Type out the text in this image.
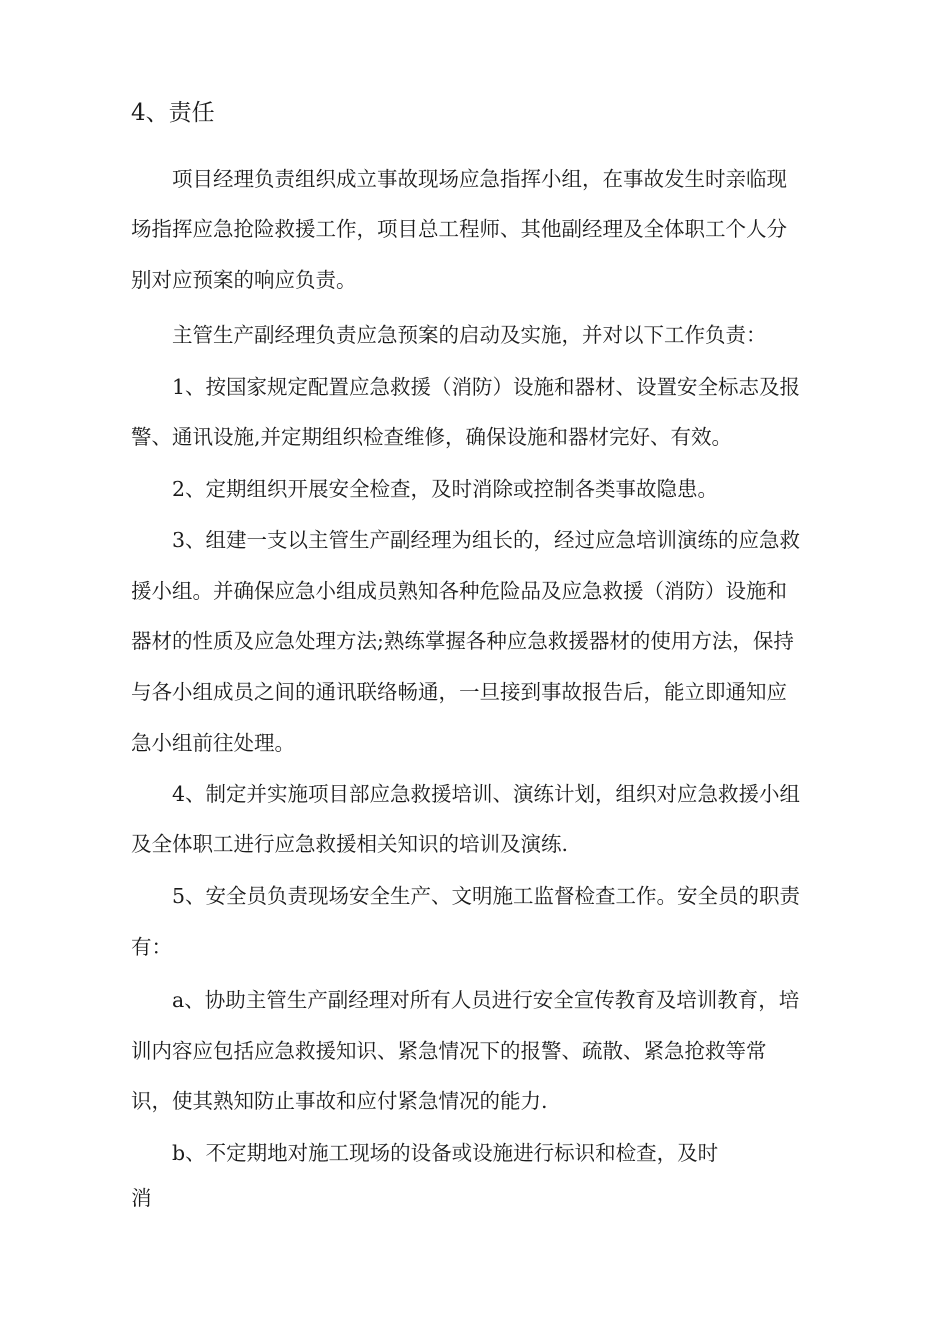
4、责任
项目经理负责组织成立事故现场应急指挥小组，在事故发生时亲临现
场指挥应急抢险救援工作，项目总工程师、其他副经理及全体职工个人分
别对应预案的响应负责。
主管生产副经理负责应急预案的启动及实施，并对以下工作负责：
1、按国家规定配置应急救援（消防）设施和器材、设置安全标志及报
警、通讯设施,并定期组织检查维修，确保设施和器材完好、有效。
2、定期组织开展安全检查，及时消除或控制各类事故隐患。
3、组建一支以主管生产副经理为组长的，经过应急培训演练的应急救
援小组。并确保应急小组成员熟知各种危险品及应急救援（消防）设施和
器材的性质及应急处理方法;熟练掌握各种应急救援器材的使用方法，保持
与各小组成员之间的通讯联络畅通，一旦接到事故报告后，能立即通知应
急小组前往处理。
4、制定并实施项目部应急救援培训、演练计划，组织对应急救援小组
及全体职工进行应急救援相关知识的培训及演练.
5、安全员负责现场安全生产、文明施工监督检查工作。安全员的职责
有：
a、协助主管生产副经理对所有人员进行安全宣传教育及培训教育，培
训内容应包括应急救援知识、紧急情况下的报警、疏散、紧急抢救等常
识，使其熟知防止事故和应付紧急情况的能力.
b、不定期地对施工现场的设备或设施进行标识和检查，及时
消
